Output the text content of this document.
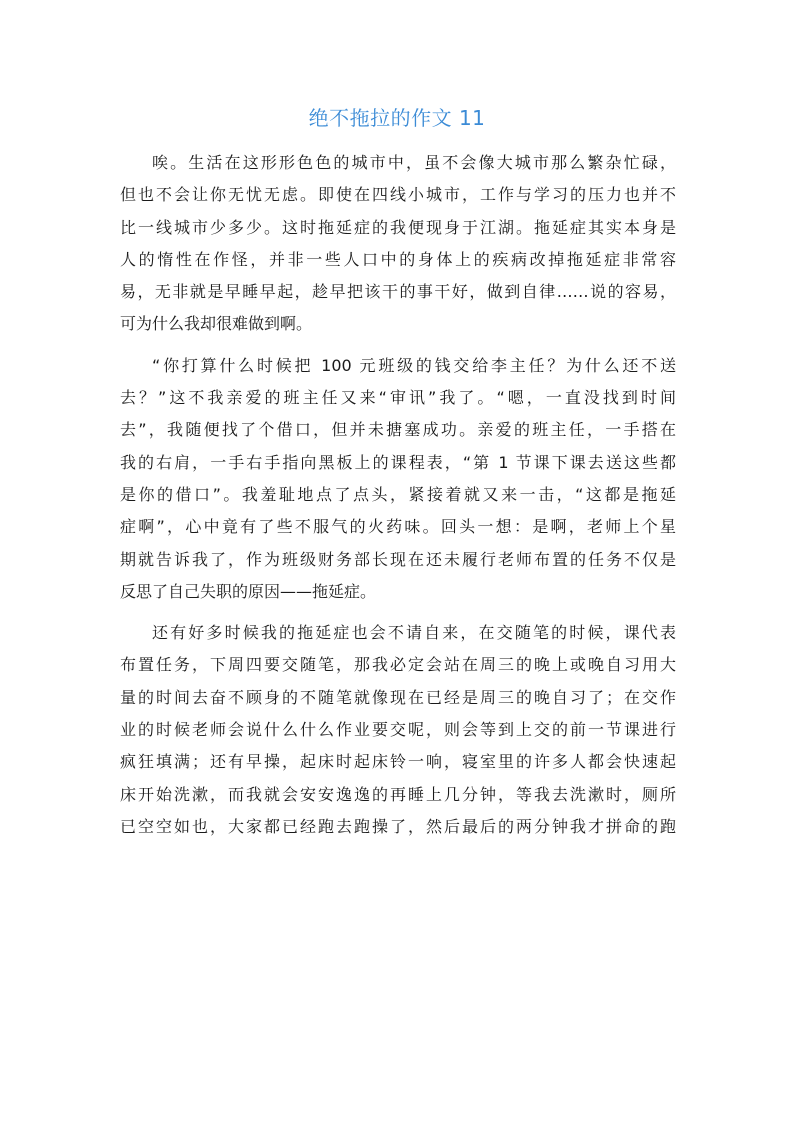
绝不拖拉的作文 11
唉。生活在这形形色色的城市中，虽不会像大城市那么繁杂忙碌，
但也不会让你无忧无虑。即使在四线小城市，工作与学习的压力也并不
比一线城市少多少。这时拖延症的我便现身于江湖。拖延症其实本身是
人的惰性在作怪，并非一些人口中的身体上的疾病改掉拖延症非常容
易，无非就是早睡早起，趁早把该干的事干好，做到自律……说的容易，
可为什么我却很难做到啊。
“你打算什么时候把 100 元班级的钱交给李主任？为什么还不送
去？”这不我亲爱的班主任又来“审讯”我了。“嗯，一直没找到时间
去”，我随便找了个借口，但并未搪塞成功。亲爱的班主任，一手搭在
我的右肩，一手右手指向黑板上的课程表，“第 1 节课下课去送这些都
是你的借口”。我羞耻地点了点头，紧接着就又来一击，“这都是拖延
症啊”，心中竟有了些不服气的火药味。回头一想：是啊，老师上个星
期就告诉我了，作为班级财务部长现在还未履行老师布置的任务不仅是
反思了自己失职的原因——拖延症。
还有好多时候我的拖延症也会不请自来，在交随笔的时候，课代表
布置任务，下周四要交随笔，那我必定会站在周三的晚上或晚自习用大
量的时间去奋不顾身的不随笔就像现在已经是周三的晚自习了；在交作
业的时候老师会说什么什么作业要交呢，则会等到上交的前一节课进行
疯狂填满；还有早操，起床时起床铃一响，寝室里的许多人都会快速起
床开始洗漱，而我就会安安逸逸的再睡上几分钟，等我去洗漱时，厕所
已空空如也，大家都已经跑去跑操了，然后最后的两分钟我才拼命的跑
